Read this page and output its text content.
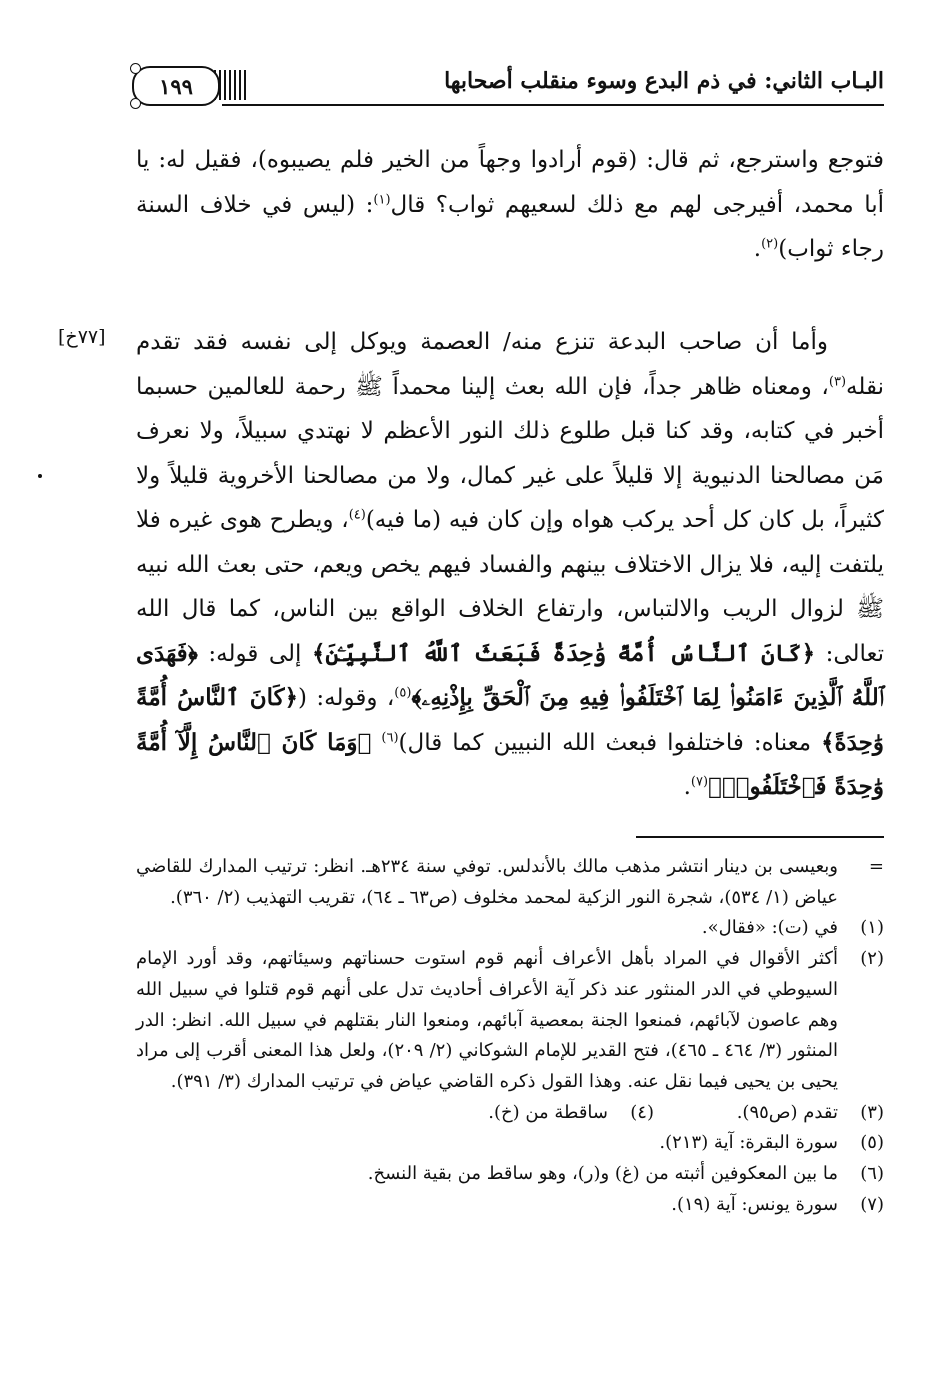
١٩٩	البـاب الثاني: في ذم البدع وسوء منقلب أصحابها

فتوجع واسترجع، ثم قال: (قوم أرادوا وجهاً من الخير فلم يصيبوه)، فقيل له: يا أبا محمد، أفيرجى لهم مع ذلك لسعيهم ثواب؟ قال$^{(١)}$: (ليس في خلاف السنة رجاء ثواب)$^{(٢)}$.

[٧٧خ] وأما أن صاحب البدعة تنزع منه/ العصمة ويوكل إلى نفسه فقد تقدم نقله$^{(٣)}$، ومعناه ظاهر جداً، فإن الله بعث إلينا محمداً ﷺ رحمة للعالمين حسبما أخبر في كتابه، وقد كنا قبل طلوع ذلك النور الأعظم لا نهتدي سبيلاً، ولا نعرف مَن مصالحنا الدنيوية إلا قليلاً على غير كمال، ولا من مصالحنا الأخروية قليلاً ولا كثيراً، بل كان كل أحد يركب هواه وإن كان فيه (ما فيه)$^{(٤)}$، ويطرح هوى غيره فلا يلتفت إليه، فلا يزال الاختلاف بينهم والفساد فيهم يخص ويعم، حتى بعث الله نبيه ﷺ لزوال الريب والالتباس، وارتفاع الخلاف الواقع بين الناس، كما قال الله تعالى: ﴿كَانَ ٱلنَّاسُ أُمَّةً وَٰحِدَةً فَبَعَثَ ٱللَّهُ ٱلنَّبِيِّـۧنَ﴾ إلى قوله: ﴿فَهَدَى ٱللَّهُ ٱلَّذِينَ ءَامَنُوا۟ لِمَا ٱخْتَلَفُوا۟ فِيهِ مِنَ ٱلْحَقِّ بِإِذْنِهِۦ﴾$^{(٥)}$، وقوله: (﴿كَانَ ٱلنَّاسُ أُمَّةً وَٰحِدَةً﴾ معناه: فاختلفوا فبعث الله النبيين كما قال)$^{(٦)}$ ﴿وَمَا كَانَ ٱلنَّاسُ إِلَّآ أُمَّةً وَٰحِدَةً فَٱخْتَلَفُوا۟﴾$^{(٧)}$.

=
وبعيسى بن دينار انتشر مذهب مالك بالأندلس. توفي سنة ٢٣٤هـ. انظر: ترتيب المدارك للقاضي عياض (١/ ٥٣٤)، شجرة النور الزكية لمحمد مخلوف (ص٦٣ ـ ٦٤)، تقريب التهذيب (٢/ ٣٦٠).
(١)
في (ت): «فقال».
(٢)
أكثر الأقوال في المراد بأهل الأعراف أنهم قوم استوت حسناتهم وسيئاتهم، وقد أورد الإمام السيوطي في الدر المنثور عند ذكر آية الأعراف أحاديث تدل على أنهم قوم قتلوا في سبيل الله وهم عاصون لآبائهم، فمنعوا الجنة بمعصية آبائهم، ومنعوا النار بقتلهم في سبيل الله. انظر: الدر المنثور (٣/ ٤٦٤ ـ ٤٦٥)، فتح القدير للإمام الشوكاني (٢/ ٢٠٩)، ولعل هذا المعنى أقرب إلى مراد يحيى بن يحيى فيما نقل عنه. وهذا القول ذكره القاضي عياض في ترتيب المدارك (٣/ ٣٩١).
(٣)
تقدم (ص٩٥).
(٤)
ساقطة من (خ).
(٥)
سورة البقرة: آية (٢١٣).
(٦)
ما بين المعكوفين أثبته من (غ) و(ر)، وهو ساقط من بقية النسخ.
(٧)
سورة يونس: آية (١٩).
